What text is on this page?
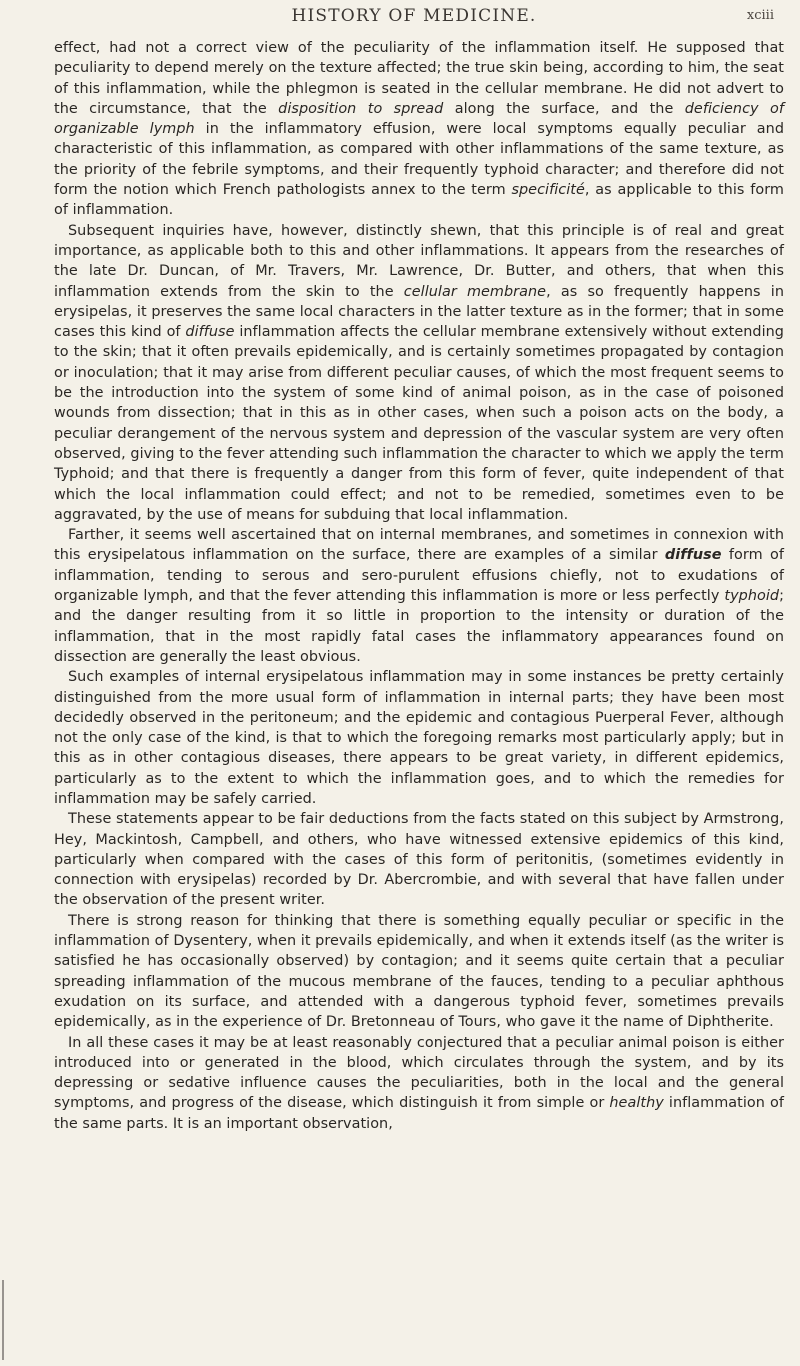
HISTORY OF MEDICINE.	xciii

effect, had not a correct view of the peculiarity of the inflammation itself. He supposed that peculiarity to depend merely on the texture affected; the true skin being, according to him, the seat of this inflammation, while the phlegmon is seated in the cellular membrane. He did not advert to the circumstance, that the disposition to spread along the surface, and the deficiency of organizable lymph in the inflammatory effusion, were local symptoms equally peculiar and characteristic of this inflammation, as compared with other inflammations of the same texture, as the priority of the febrile symptoms, and their frequently typhoid character; and therefore did not form the notion which French pathologists annex to the term specificité, as applicable to this form of inflammation.

Subsequent inquiries have, however, distinctly shewn, that this principle is of real and great importance, as applicable both to this and other inflammations. It appears from the researches of the late Dr. Duncan, of Mr. Travers, Mr. Lawrence, Dr. Butter, and others, that when this inflammation extends from the skin to the cellular membrane, as so frequently happens in erysipelas, it preserves the same local characters in the latter texture as in the former; that in some cases this kind of diffuse inflammation affects the cellular membrane extensively without extending to the skin; that it often prevails epidemically, and is certainly sometimes propagated by contagion or inoculation; that it may arise from different peculiar causes, of which the most frequent seems to be the introduction into the system of some kind of animal poison, as in the case of poisoned wounds from dissection; that in this as in other cases, when such a poison acts on the body, a peculiar derangement of the nervous system and depression of the vascular system are very often observed, giving to the fever attending such inflammation the character to which we apply the term Typhoid; and that there is frequently a danger from this form of fever, quite independent of that which the local inflammation could effect; and not to be remedied, sometimes even to be aggravated, by the use of means for subduing that local inflammation.

Farther, it seems well ascertained that on internal membranes, and sometimes in connexion with this erysipelatous inflammation on the surface, there are examples of a similar diffuse form of inflammation, tending to serous and sero-purulent effusions chiefly, not to exudations of organizable lymph, and that the fever attending this inflammation is more or less perfectly typhoid; and the danger resulting from it so little in proportion to the intensity or duration of the inflammation, that in the most rapidly fatal cases the inflammatory appearances found on dissection are generally the least obvious.

Such examples of internal erysipelatous inflammation may in some instances be pretty certainly distinguished from the more usual form of inflammation in internal parts; they have been most decidedly observed in the peritoneum; and the epidemic and contagious Puerperal Fever, although not the only case of the kind, is that to which the foregoing remarks most particularly apply; but in this as in other contagious diseases, there appears to be great variety, in different epidemics, particularly as to the extent to which the inflammation goes, and to which the remedies for inflammation may be safely carried.

These statements appear to be fair deductions from the facts stated on this subject by Armstrong, Hey, Mackintosh, Campbell, and others, who have witnessed extensive epidemics of this kind, particularly when compared with the cases of this form of peritonitis, (sometimes evidently in connection with erysipelas) recorded by Dr. Abercrombie, and with several that have fallen under the observation of the present writer.

There is strong reason for thinking that there is something equally peculiar or specific in the inflammation of Dysentery, when it prevails epidemically, and when it extends itself (as the writer is satisfied he has occasionally observed) by contagion; and it seems quite certain that a peculiar spreading inflammation of the mucous membrane of the fauces, tending to a peculiar aphthous exudation on its surface, and attended with a dangerous typhoid fever, sometimes prevails epidemically, as in the experience of Dr. Bretonneau of Tours, who gave it the name of Diphtherite.

In all these cases it may be at least reasonably conjectured that a peculiar animal poison is either introduced into or generated in the blood, which circulates through the system, and by its depressing or sedative influence causes the peculiarities, both in the local and the general symptoms, and progress of the disease, which distinguish it from simple or healthy inflammation of the same parts. It is an important observation,
